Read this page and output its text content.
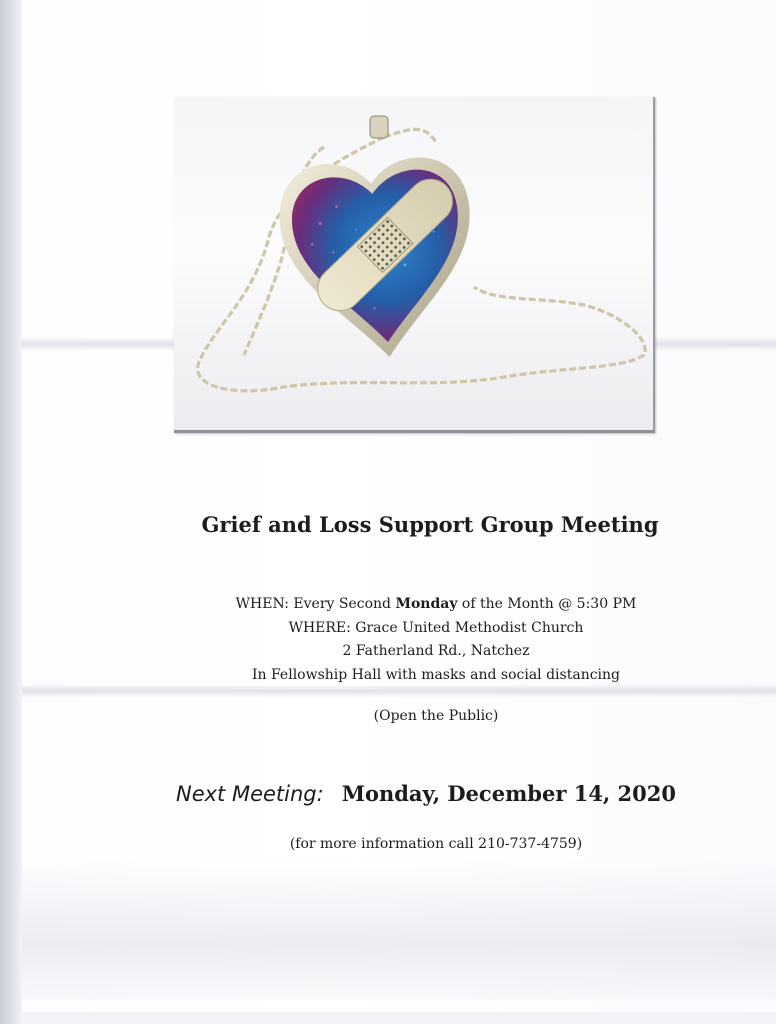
Grief and Loss Support Group Meeting
WHEN: Every Second Monday of the Month @ 5:30 PM
WHERE: Grace United Methodist Church
2 Fatherland Rd., Natchez
In Fellowship Hall with masks and social distancing
(Open the Public)
Next Meeting: Monday, December 14, 2020
(for more information call 210-737-4759)
